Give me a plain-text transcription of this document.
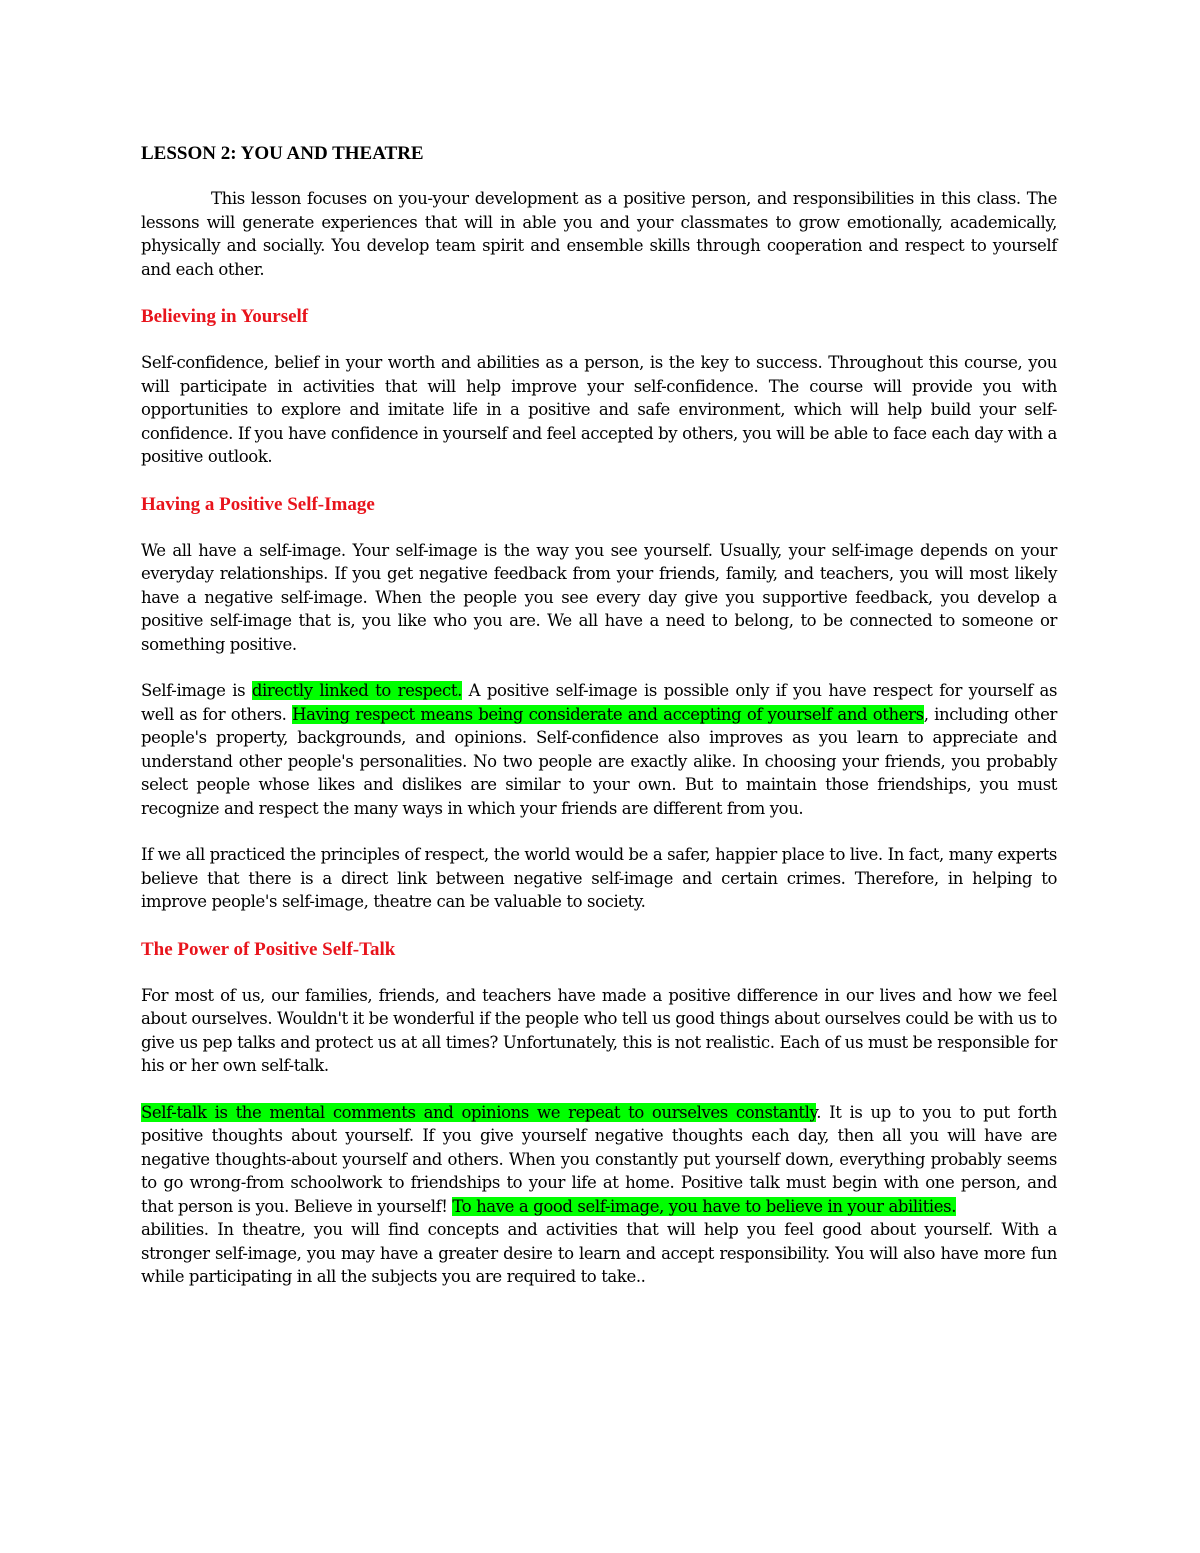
LESSON 2: YOU AND THEATRE

This lesson focuses on you-your development as a positive person, and responsibilities in this class. The lessons will generate experiences that will in able you and your classmates to grow emotionally, academically, physically and socially. You develop team spirit and ensemble skills through cooperation and respect to yourself and each other.

Believing in Yourself

Self-confidence, belief in your worth and abilities as a person, is the key to success. Throughout this course, you will participate in activities that will help improve your self-confidence. The course will provide you with opportunities to explore and imitate life in a positive and safe environment, which will help build your self-confidence. If you have confidence in yourself and feel accepted by others, you will be able to face each day with a positive outlook.

Having a Positive Self-Image

We all have a self-image. Your self-image is the way you see yourself. Usually, your self-image depends on your everyday relationships. If you get negative feedback from your friends, family, and teachers, you will most likely have a negative self-image. When the people you see every day give you supportive feedback, you develop a positive self-image that is, you like who you are. We all have a need to belong, to be connected to someone or something positive.

Self-image is directly linked to respect. A positive self-image is possible only if you have respect for yourself as well as for others. Having respect means being considerate and accepting of yourself and others, including other people's property, backgrounds, and opinions. Self-confidence also improves as you learn to appreciate and understand other people's personalities. No two people are exactly alike. In choosing your friends, you probably select people whose likes and dislikes are similar to your own. But to maintain those friendships, you must recognize and respect the many ways in which your friends are different from you.

If we all practiced the principles of respect, the world would be a safer, happier place to live. In fact, many experts believe that there is a direct link between negative self-image and certain crimes. Therefore, in helping to improve people's self-image, theatre can be valuable to society.

The Power of Positive Self-Talk

For most of us, our families, friends, and teachers have made a positive difference in our lives and how we feel about ourselves. Wouldn't it be wonderful if the people who tell us good things about ourselves could be with us to give us pep talks and protect us at all times? Unfortunately, this is not realistic. Each of us must be responsible for his or her own self-talk.

Self-talk is the mental comments and opinions we repeat to ourselves constantly. It is up to you to put forth positive thoughts about yourself. If you give yourself negative thoughts each day, then all you will have are negative thoughts-about yourself and others. When you constantly put yourself down, everything probably seems to go wrong-from schoolwork to friendships to your life at home. Positive talk must begin with one person, and that person is you. Believe in yourself! To have a good self-image, you have to believe in your abilities.

abilities. In theatre, you will find concepts and activities that will help you feel good about yourself. With a stronger self-image, you may have a greater desire to learn and accept responsibility. You will also have more fun while participating in all the subjects you are required to take..
